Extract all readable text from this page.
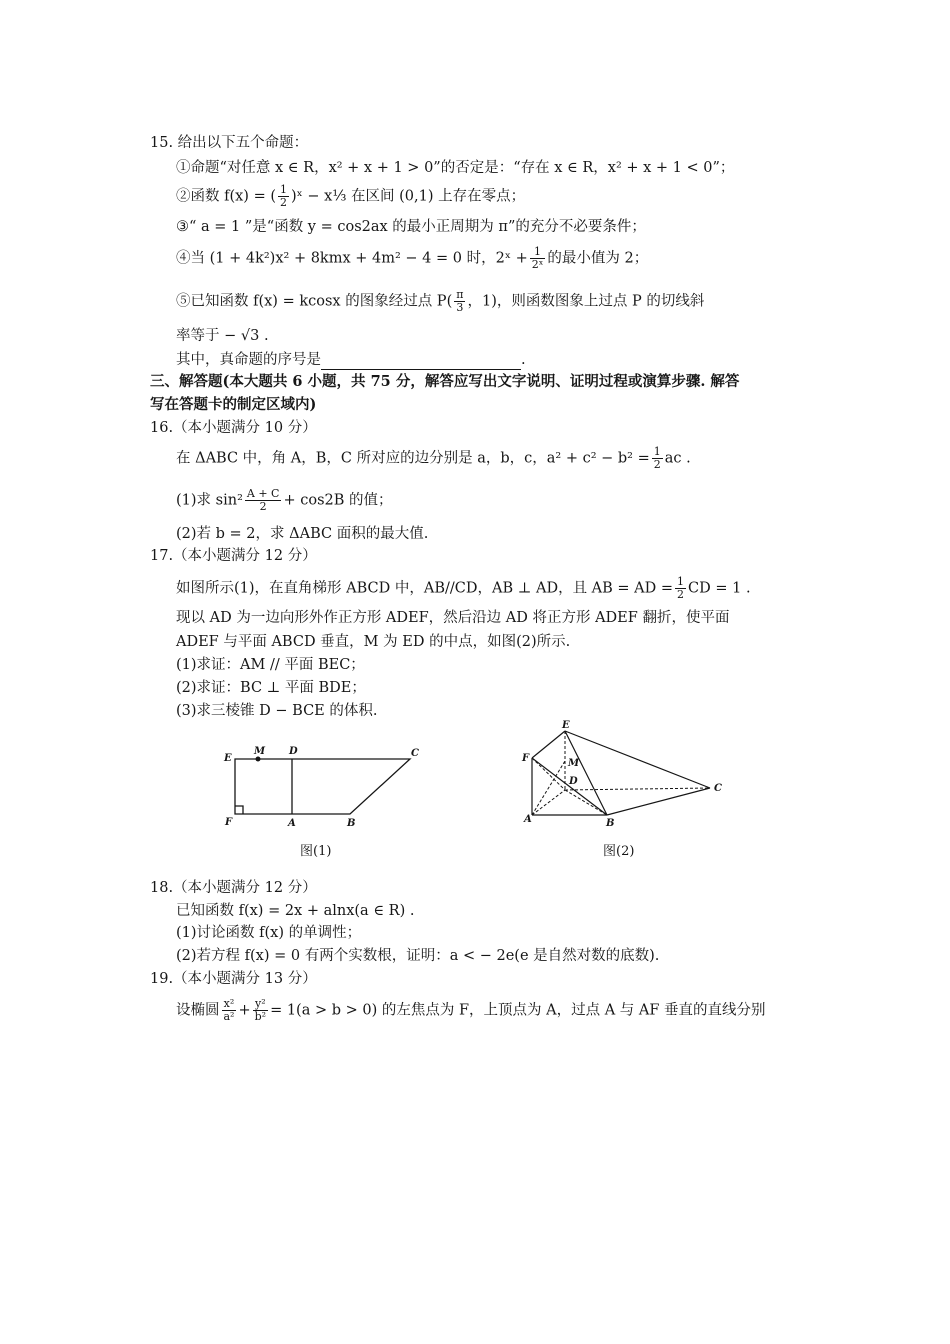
15. 给出以下五个命题：
①命题“对任意 x ∈ R，x² + x + 1 > 0”的否定是：“存在 x ∈ R，x² + x + 1 < 0”；
②函数 f(x) = ( $\frac{1}{2}$ )ˣ − x⅓ 在区间 (0,1) 上存在零点；
③“ a = 1 ”是“函数 y = cos2ax 的最小正周期为 π”的充分不必要条件；
④当 (1 + 4k²)x² + 8kmx + 4m² − 4 = 0 时，2ˣ + $\frac{1}{\text{2ˣ}}$ 的最小值为 2；
⑤已知函数 f(x) = kcosx 的图象经过点 $P( \frac{\pi}{3}$ ，1)，则函数图象上过点 P 的切线斜
率等于 − √3 .
其中，真命题的序号是	.
三、解答题(本大题共 6 小题，共 75 分，解答应写出文字说明、证明过程或演算步骤. 解答
写在答题卡的制定区域内)
16.（本小题满分 10 分）
在 ΔABC 中，角 A，B，C 所对应的边分别是 a，b，c，$a^2 + c^2 - b^2 = \frac{1}{2}$ ac .
(1)求 $\sin^2 \frac{A + C}{2} + \cos 2B$ 的值；
(2)若 b = 2，求 ΔABC 面积的最大值.
17.（本小题满分 12 分）
如图所示(1)，在直角梯形 ABCD 中，AB//CD，AB ⊥ AD，且 AB = AD = $\frac{1}{2}$ CD = 1 .
现以 AD 为一边向形外作正方形 ADEF，然后沿边 AD 将正方形 ADEF 翻折，使平面
ADEF 与平面 ABCD 垂直，M 为 ED 的中点，如图(2)所示.
(1)求证：AM // 平面 BEC；
(2)求证：BC ⊥ 平面 BDE；
(3)求三棱锥 D − BCE 的体积.
E
M D	C
F	A	B
图(1)
E
F	M
D
C
A	B
图(2)
18.（本小题满分 12 分）
已知函数 f(x) = 2x + alnx(a ∈ R) .
(1)讨论函数 f(x) 的单调性；
(2)若方程 f(x) = 0 有两个实数根，证明：a < − 2e(e 是自然对数的底数).
19.（本小题满分 13 分）
设椭圆 $\frac{\text{x²}}{\text{a²}} + \frac{\text{y²}}{\text{b²}} = 1(a > b > 0)$ 的左焦点为 F，上顶点为 A，过点 A 与 AF 垂直的直线分别
